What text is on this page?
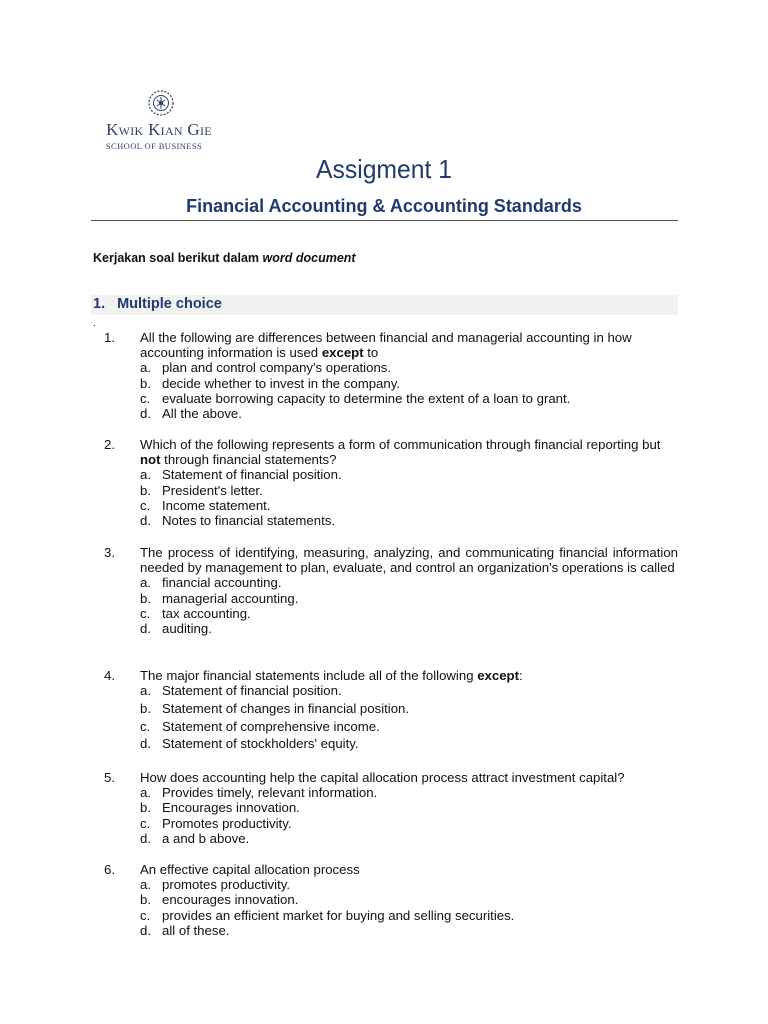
Kwik Kian Gie
SCHOOL OF BUSINESS
Assigment 1
Financial Accounting & Accounting Standards
Kerjakan soal berikut dalam word document
1. Multiple choice
.
1. All the following are differences between financial and managerial accounting in how accounting information is used except to
a. plan and control company's operations.
b. decide whether to invest in the company.
c. evaluate borrowing capacity to determine the extent of a loan to grant.
d. All the above.
2. Which of the following represents a form of communication through financial reporting but not through financial statements?
a. Statement of financial position.
b. President's letter.
c. Income statement.
d. Notes to financial statements.
3. The process of identifying, measuring, analyzing, and communicating financial information needed by management to plan, evaluate, and control an organization's operations is called
a. financial accounting.
b. managerial accounting.
c. tax accounting.
d. auditing.
4. The major financial statements include all of the following except:
a. Statement of financial position.
b. Statement of changes in financial position.
c. Statement of comprehensive income.
d. Statement of stockholders' equity.
5. How does accounting help the capital allocation process attract investment capital?
a. Provides timely, relevant information.
b. Encourages innovation.
c. Promotes productivity.
d. a and b above.
6. An effective capital allocation process
a. promotes productivity.
b. encourages innovation.
c. provides an efficient market for buying and selling securities.
d. all of these.
